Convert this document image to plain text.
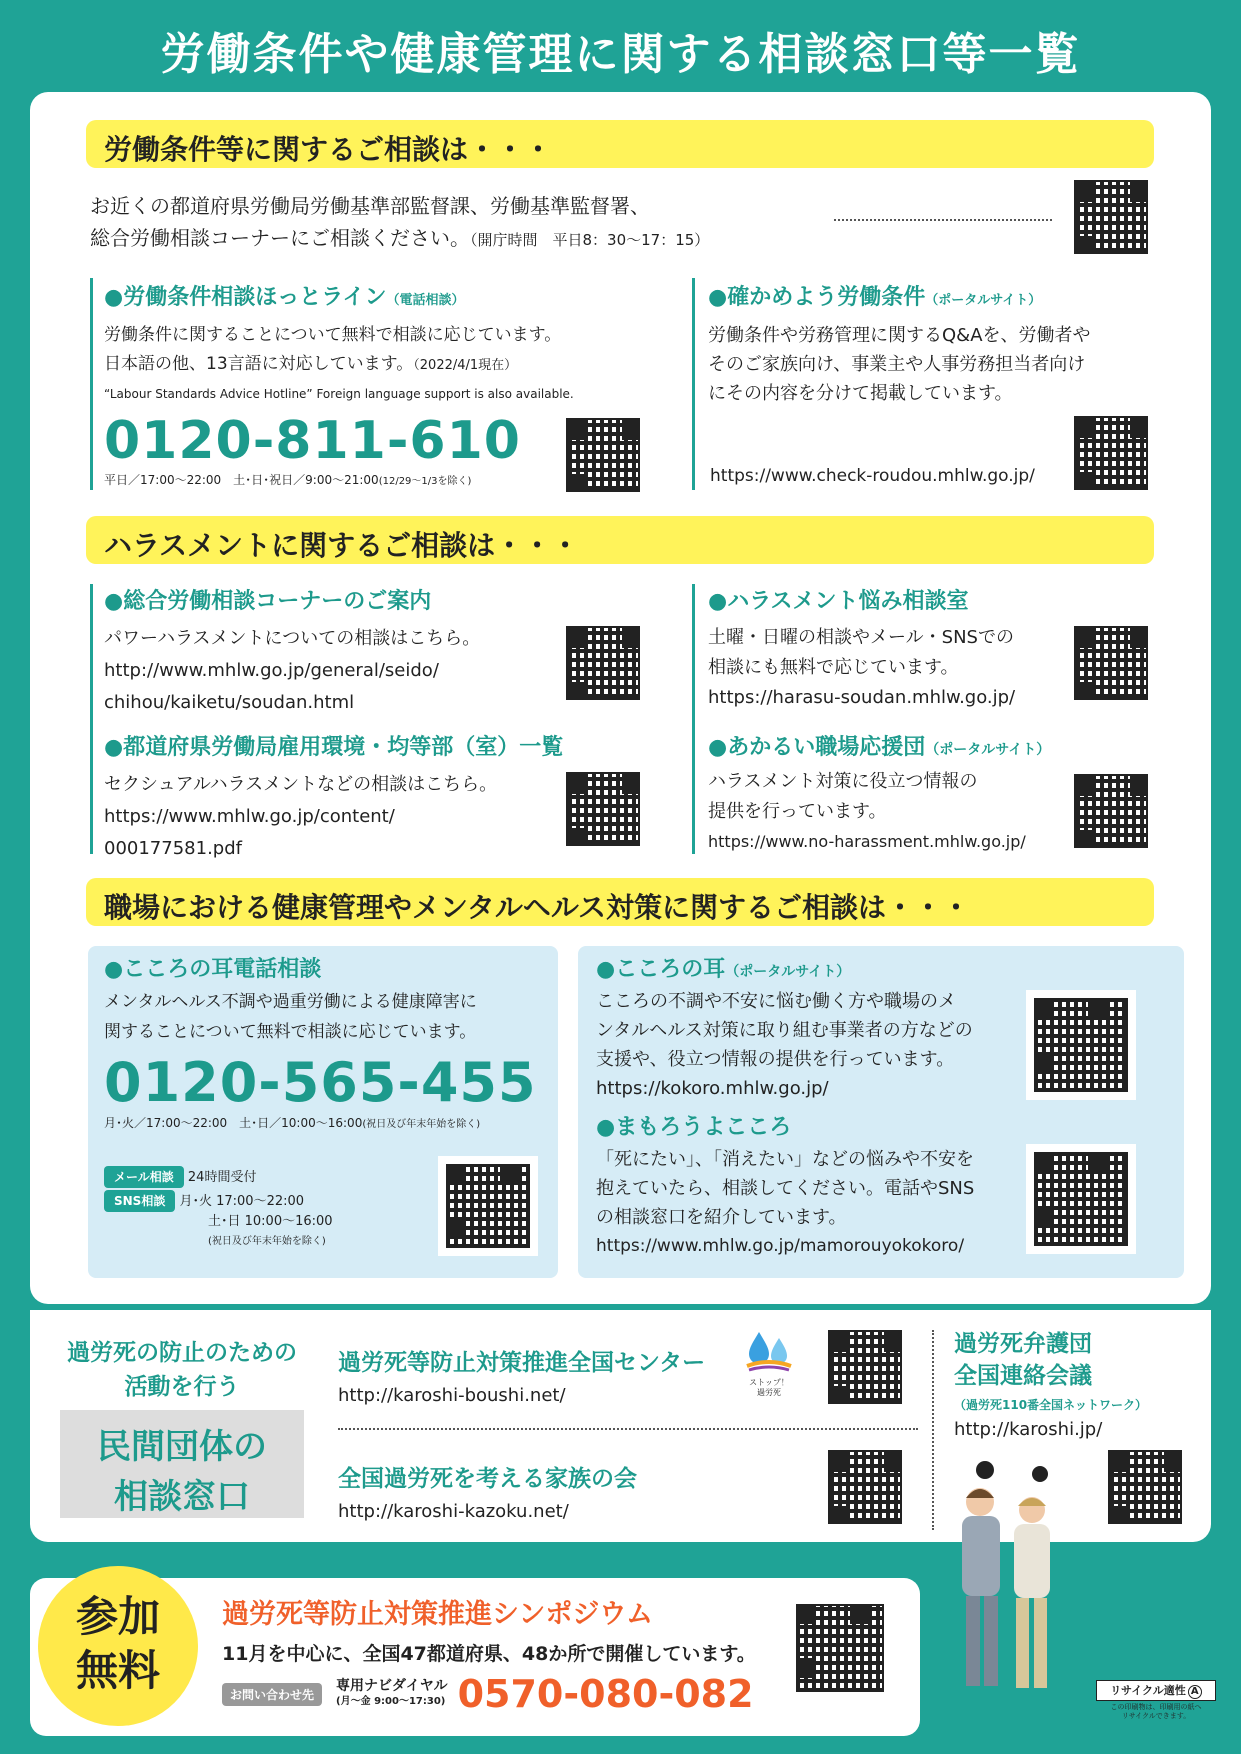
労働条件や健康管理に関する相談窓口等一覧
労働条件等に関するご相談は・・・
お近くの都道府県労働局労働基準部監督課、労働基準監督署、
総合労働相談コーナーにご相談ください。（開庁時間　平日8：30～17：15）
●労働条件相談ほっとライン（電話相談）
労働条件に関することについて無料で相談に応じています。
日本語の他、13言語に対応しています。（2022/4/1現在）
“Labour Standards Advice Hotline” Foreign language support is also available.
0120-811-610
平日／17:00～22:00　土･日･祝日／9:00～21:00(12/29～1/3を除く)
●確かめよう労働条件（ポータルサイト）
労働条件や労務管理に関するQ&Aを、労働者や
そのご家族向け、事業主や人事労務担当者向け
にその内容を分けて掲載しています。
https://www.check-roudou.mhlw.go.jp/
ハラスメントに関するご相談は・・・
●総合労働相談コーナーのご案内
パワーハラスメントについての相談はこちら。
http://www.mhlw.go.jp/general/seido/
chihou/kaiketu/soudan.html
●都道府県労働局雇用環境・均等部（室）一覧
セクシュアルハラスメントなどの相談はこちら。
https://www.mhlw.go.jp/content/
000177581.pdf
●ハラスメント悩み相談室
土曜・日曜の相談やメール・SNSでの
相談にも無料で応じています。
https://harasu-soudan.mhlw.go.jp/
●あかるい職場応援団（ポータルサイト）
ハラスメント対策に役立つ情報の
提供を行っています。
https://www.no-harassment.mhlw.go.jp/
職場における健康管理やメンタルヘルス対策に関するご相談は・・・
●こころの耳電話相談
メンタルヘルス不調や過重労働による健康障害に
関することについて無料で相談に応じています。
0120-565-455
月･火／17:00～22:00　土･日／10:00～16:00(祝日及び年末年始を除く)
メール相談 24時間受付
SNS相談 月･火 17:00～22:00
土･日 10:00～16:00
(祝日及び年末年始を除く)
●こころの耳（ポータルサイト）
こころの不調や不安に悩む働く方や職場のメ
ンタルヘルス対策に取り組む事業者の方などの
支援や、役立つ情報の提供を行っています。
https://kokoro.mhlw.go.jp/
●まもろうよこころ
「死にたい」、「消えたい」などの悩みや不安を
抱えていたら、相談してください。電話やSNS
の相談窓口を紹介しています。
https://www.mhlw.go.jp/mamorouyokokoro/
過労死の防止のための
活動を行う
民間団体の
相談窓口
過労死等防止対策推進全国センター
http://karoshi-boushi.net/
ストップ！
過労死
全国過労死を考える家族の会
http://karoshi-kazoku.net/
過労死弁護団
全国連絡会議
（過労死110番全国ネットワーク）
http://karoshi.jp/
参加
無料
過労死等防止対策推進シンポジウム
11月を中心に、全国47都道府県、48か所で開催しています。
お問い合わせ先
専用ナビダイヤル
(月～金 9:00～17:30) 0570-080-082	リサイクル適性 A
この印刷物は、印刷用の紙へ
リサイクルできます。
